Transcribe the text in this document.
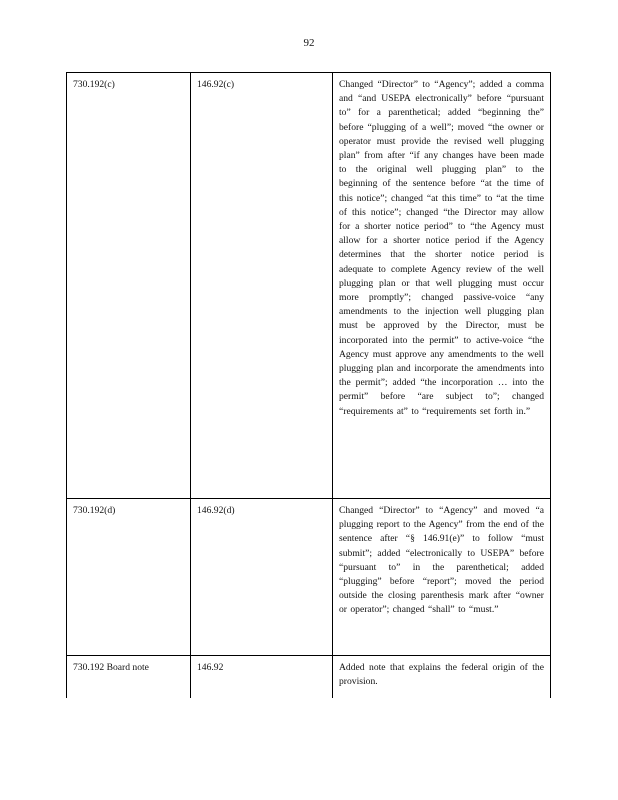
92
730.192(c)	146.92(c)	Changed “Director” to “Agency”; added a comma and “and USEPA electronically” before “pursuant to” for a parenthetical; added “beginning the” before “plugging of a well”; moved “the owner or operator must provide the revised well plugging plan” from after “if any changes have been made to the original well plugging plan” to the beginning of the sentence before “at the time of this notice”; changed “at this time” to “at the time of this notice”; changed “the Director may allow for a shorter notice period” to “the Agency must allow for a shorter notice period if the Agency determines that the shorter notice period is adequate to complete Agency review of the well plugging plan or that well plugging must occur more promptly”; changed passive-voice “any amendments to the injection well plugging plan must be approved by the Director, must be incorporated into the permit” to active-voice “the Agency must approve any amendments to the well plugging plan and incorporate the amendments into the permit”; added “the incorporation … into the permit” before “are subject to”; changed “requirements at” to “requirements set forth in.”
730.192(d)	146.92(d)	Changed “Director” to “Agency” and moved “a plugging report to the Agency” from the end of the sentence after “§ 146.91(e)” to follow “must submit”; added “electronically to USEPA” before “pursuant to” in the parenthetical; added “plugging” before “report”; moved the period outside the closing parenthesis mark after “owner or operator”; changed “shall” to “must.”
730.192 Board note	146.92	Added note that explains the federal origin of the provision.
